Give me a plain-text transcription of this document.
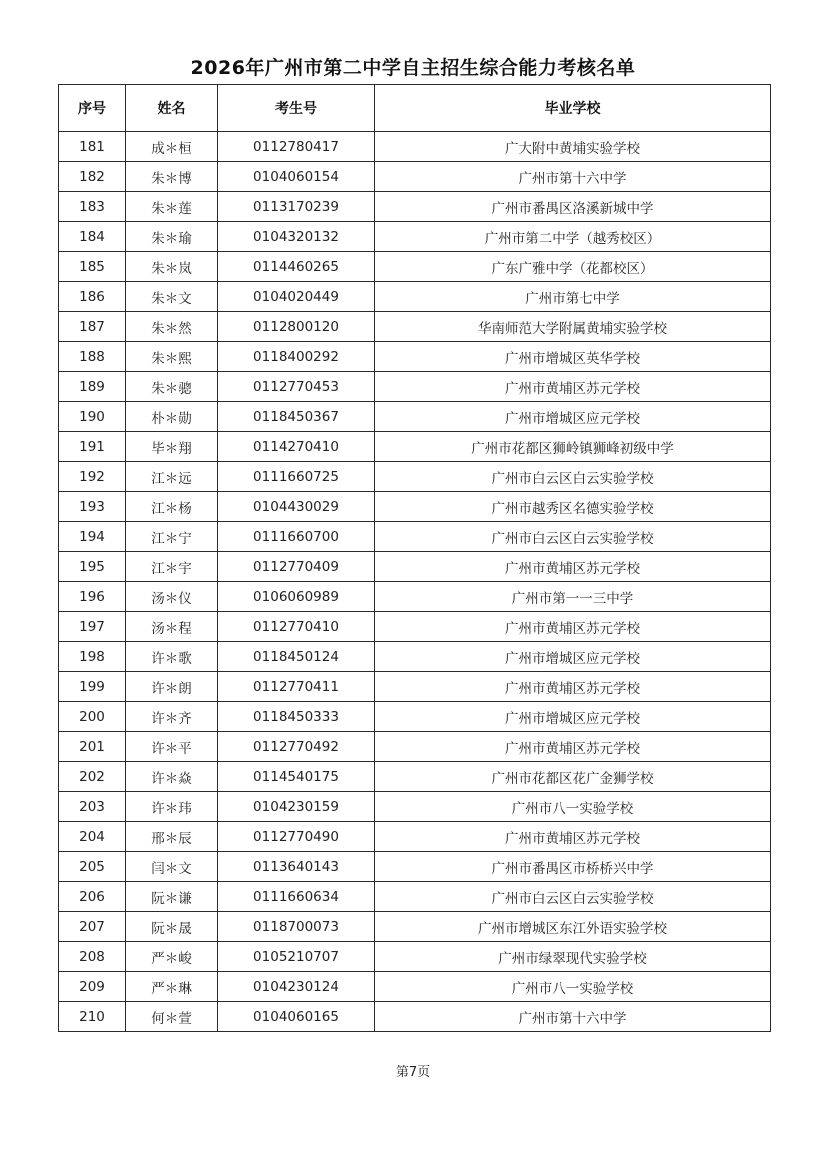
2026年广州市第二中学自主招生综合能力考核名单
序号	姓名	考生号	毕业学校
181	成＊桓	0112780417	广大附中黄埔实验学校
182	朱＊博	0104060154	广州市第十六中学
183	朱＊莲	0113170239	广州市番禺区洛溪新城中学
184	朱＊瑜	0104320132	广州市第二中学（越秀校区）
185	朱＊岚	0114460265	广东广雅中学（花都校区）
186	朱＊文	0104020449	广州市第七中学
187	朱＊然	0112800120	华南师范大学附属黄埔实验学校
188	朱＊熙	0118400292	广州市增城区英华学校
189	朱＊骢	0112770453	广州市黄埔区苏元学校
190	朴＊勋	0118450367	广州市增城区应元学校
191	毕＊翔	0114270410	广州市花都区狮岭镇狮峰初级中学
192	江＊远	0111660725	广州市白云区白云实验学校
193	江＊杨	0104430029	广州市越秀区名德实验学校
194	江＊宁	0111660700	广州市白云区白云实验学校
195	江＊宇	0112770409	广州市黄埔区苏元学校
196	汤＊仪	0106060989	广州市第一一三中学
197	汤＊程	0112770410	广州市黄埔区苏元学校
198	许＊歌	0118450124	广州市增城区应元学校
199	许＊朗	0112770411	广州市黄埔区苏元学校
200	许＊齐	0118450333	广州市增城区应元学校
201	许＊平	0112770492	广州市黄埔区苏元学校
202	许＊焱	0114540175	广州市花都区花广金狮学校
203	许＊玮	0104230159	广州市八一实验学校
204	邢＊辰	0112770490	广州市黄埔区苏元学校
205	闫＊文	0113640143	广州市番禺区市桥桥兴中学
206	阮＊谦	0111660634	广州市白云区白云实验学校
207	阮＊晟	0118700073	广州市增城区东江外语实验学校
208	严＊峻	0105210707	广州市绿翠现代实验学校
209	严＊琳	0104230124	广州市八一实验学校
210	何＊萱	0104060165	广州市第十六中学
第7页
